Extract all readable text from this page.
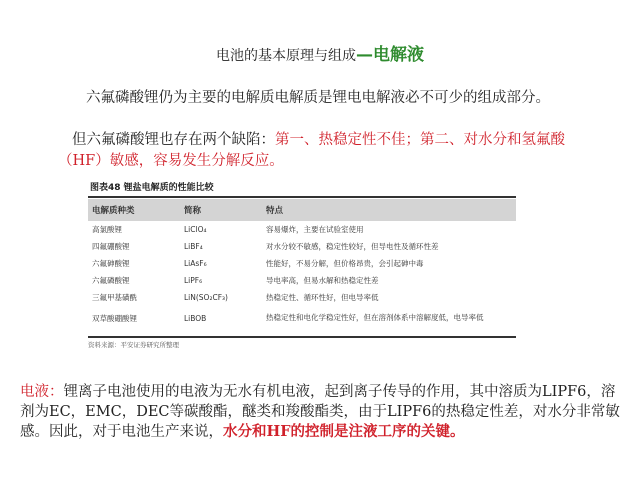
电池的基本原理与组成—电解液
六氟磷酸锂仍为主要的电解质电解质是锂电电解液必不可少的组成部分。
但六氟磷酸锂也存在两个缺陷：第一、热稳定性不佳；第二、对水分和氢氟酸（HF）敏感，容易发生分解反应。
图表48 锂盐电解质的性能比较
电解质种类	简称	特点
高氯酸锂	LiClO₄	容易爆炸，主要在试验室使用
四氟硼酸锂	LiBF₄	对水分较不敏感，稳定性较好，但导电性及循环性差
六氟砷酸锂	LiAsF₆	性能好，不易分解，但价格昂贵，会引起砷中毒
六氟磷酸锂	LiPF₆	导电率高，但易水解和热稳定性差
三氟甲基磺酰	LiN(SO₂CF₃)	热稳定性、循环性好，但电导率低
双草酸硼酸锂	LiBOB	热稳定性和电化学稳定性好，但在溶剂体系中溶解度低，电导率低
资料来源：平安证券研究所整理
电液：锂离子电池使用的电液为无水有机电液，起到离子传导的作用，其中溶质为LIPF6，溶剂为EC，EMC，DEC等碳酸酯，醚类和羧酸酯类，由于LIPF6的热稳定性差，对水分非常敏感。因此，对于电池生产来说，水分和HF的控制是注液工序的关键。
